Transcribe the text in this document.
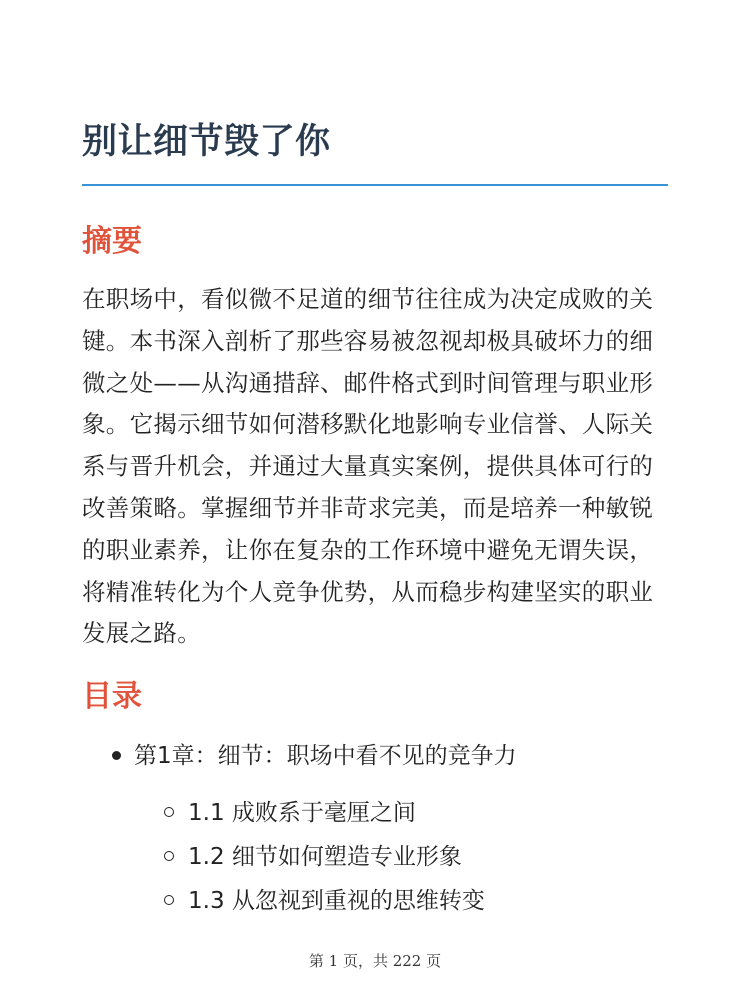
别让细节毁了你
摘要

在职场中，看似微不足道的细节往往成为决定成败的关键。本书深入剖析了那些容易被忽视却极具破坏力的细微之处——从沟通措辞、邮件格式到时间管理与职业形象。它揭示细节如何潜移默化地影响专业信誉、人际关系与晋升机会，并通过大量真实案例，提供具体可行的改善策略。掌握细节并非苛求完美，而是培养一种敏锐的职业素养，让你在复杂的工作环境中避免无谓失误，将精准转化为个人竞争优势，从而稳步构建坚实的职业发展之路。

目录
第1章：细节：职场中看不见的竞争力
1.1 成败系于毫厘之间
1.2 细节如何塑造专业形象
1.3 从忽视到重视的思维转变
第 1 页，共 222 页
